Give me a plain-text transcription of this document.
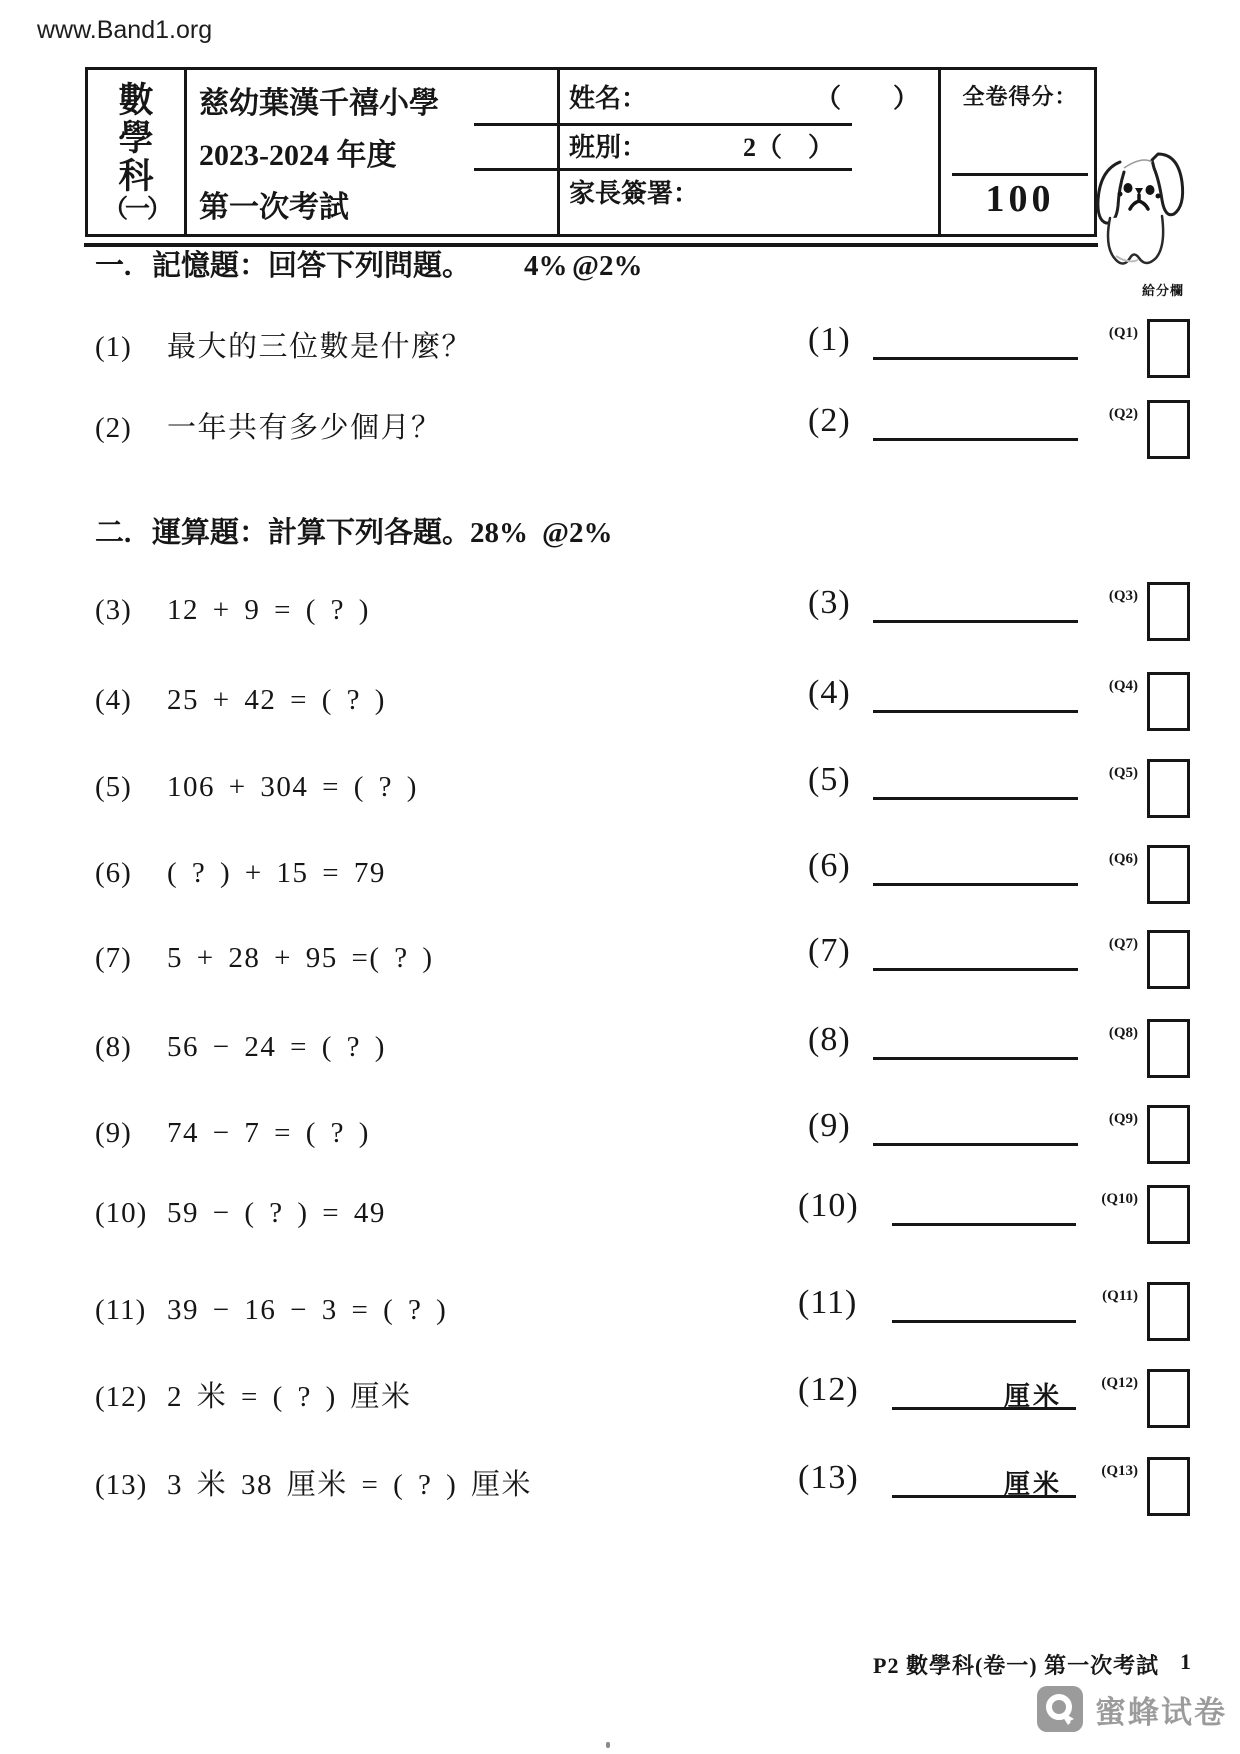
www.Band1.org
數
學
科
（一）
慈幼葉漢千禧小學
2023-2024 年度
第一次考試
姓名：	（　　）
班別：	2（　）
家長簽署：
全卷得分：
100
給分欄
一. 記憶題：回答下列問題。 4% @2%
(1) 最大的三位數是什麼？	(1)	(Q1)
(2) 一年共有多少個月？	(2)	(Q2)
二. 運算題：計算下列各題。
28% @2%
(3) 12 + 9 = ( ? )	(3)	(Q3)
(4) 25 + 42 = ( ? )	(4)	(Q4)
(5) 106 + 304 = ( ? )	(5)	(Q5)
(6) ( ? ) + 15 = 79	(6)	(Q6)
(7) 5 + 28 + 95 =( ? )	(7)	(Q7)
(8) 56 − 24 = ( ? )	(8)	(Q8)
(9) 74 − 7 = ( ? )	(9)	(Q9)
(10) 59 − ( ? ) = 49	(10)	(Q10)
(11) 39 − 16 − 3 = ( ? )	(11)	(Q11)
(12) 2 米 = ( ? ) 厘米	(12)	厘米	(Q12)
(13) 3 米 38 厘米 = ( ? ) 厘米	(13)	厘米	(Q13)
P2 數學科(卷一) 第一次考試 1
蜜蜂试卷
